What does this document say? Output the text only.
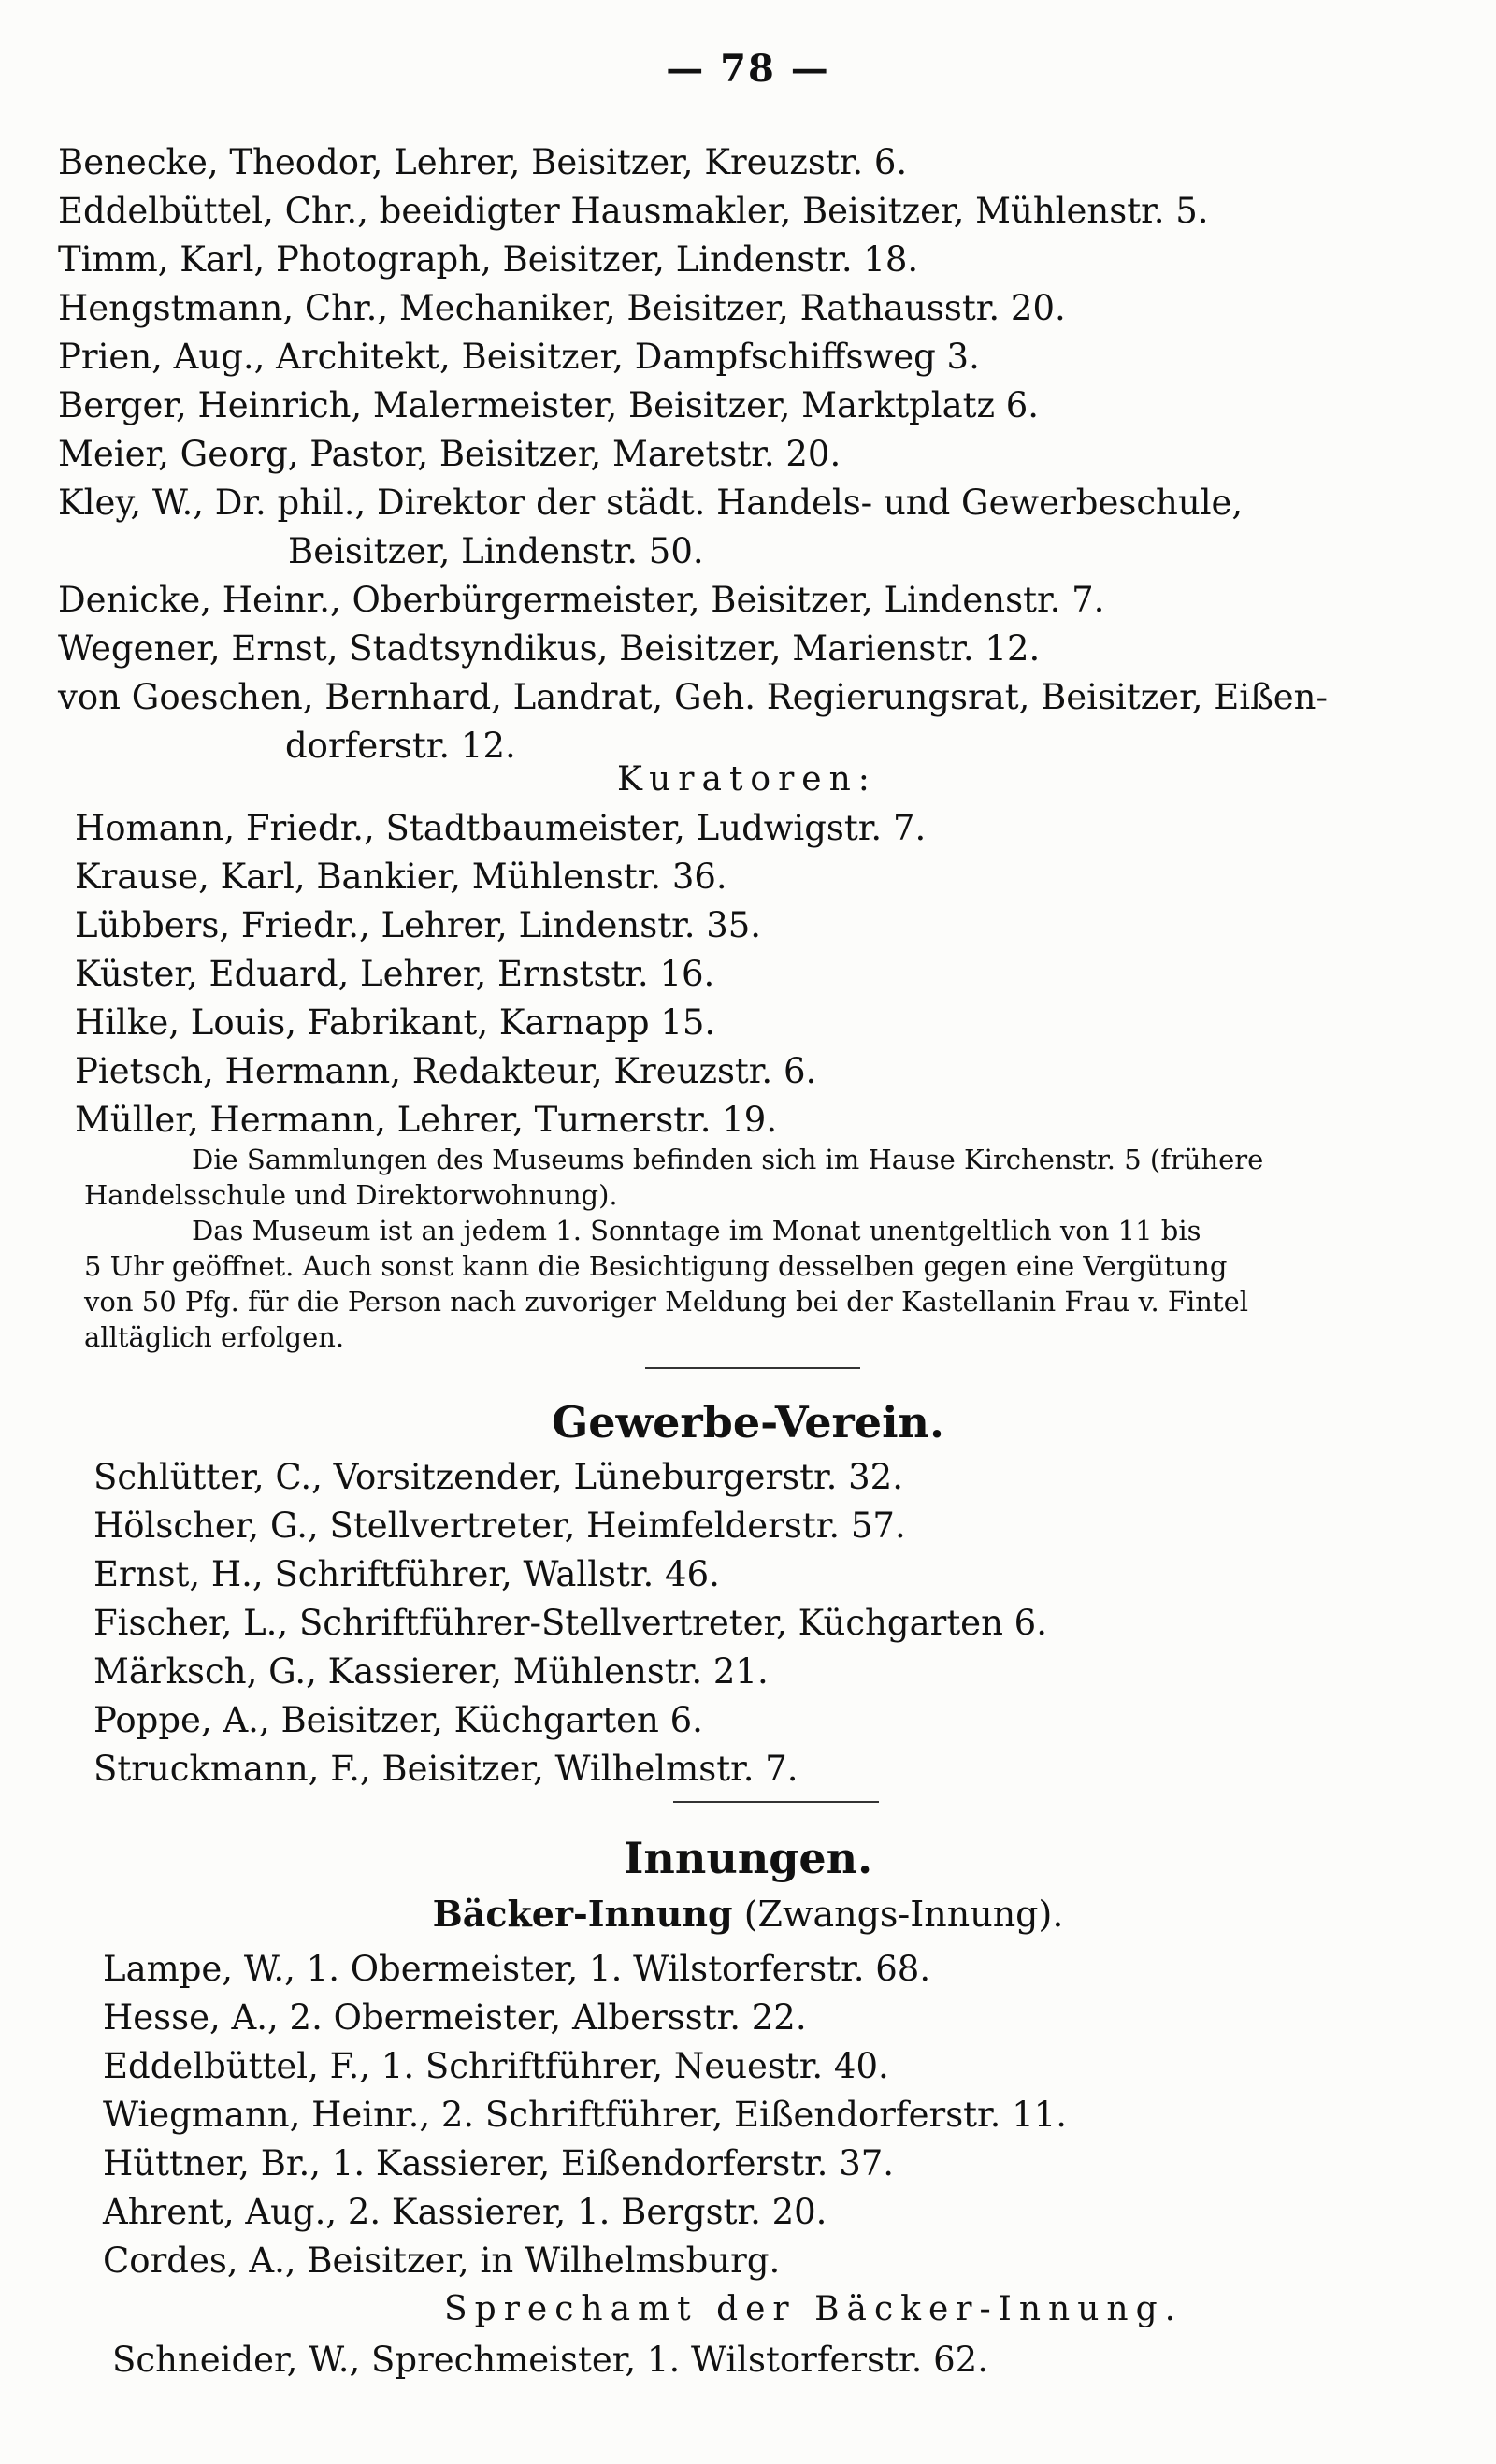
— 78 —
Benecke, Theodor, Lehrer, Beisitzer, Kreuzstr. 6.
Eddelbüttel, Chr., beeidigter Hausmakler, Beisitzer, Mühlenstr. 5.
Timm, Karl, Photograph, Beisitzer, Lindenstr. 18.
Hengstmann, Chr., Mechaniker, Beisitzer, Rathausstr. 20.
Prien, Aug., Architekt, Beisitzer, Dampfschiffsweg 3.
Berger, Heinrich, Malermeister, Beisitzer, Marktplatz 6.
Meier, Georg, Pastor, Beisitzer, Maretstr. 20.
Kley, W., Dr. phil., Direktor der städt. Handels- und Gewerbeschule,
Beisitzer, Lindenstr. 50.
Denicke, Heinr., Oberbürgermeister, Beisitzer, Lindenstr. 7.
Wegener, Ernst, Stadtsyndikus, Beisitzer, Marienstr. 12.
von Goeschen, Bernhard, Landrat, Geh. Regierungsrat, Beisitzer, Eißen-
dorferstr. 12.
Kuratoren:
Homann, Friedr., Stadtbaumeister, Ludwigstr. 7.
Krause, Karl, Bankier, Mühlenstr. 36.
Lübbers, Friedr., Lehrer, Lindenstr. 35.
Küster, Eduard, Lehrer, Ernststr. 16.
Hilke, Louis, Fabrikant, Karnapp 15.
Pietsch, Hermann, Redakteur, Kreuzstr. 6.
Müller, Hermann, Lehrer, Turnerstr. 19.
Die Sammlungen des Museums befinden sich im Hause Kirchenstr. 5 (frühere
Handelsschule und Direktorwohnung).
Das Museum ist an jedem 1. Sonntage im Monat unentgeltlich von 11 bis
5 Uhr geöffnet. Auch sonst kann die Besichtigung desselben gegen eine Vergütung
von 50 Pfg. für die Person nach zuvoriger Meldung bei der Kastellanin Frau v. Fintel
alltäglich erfolgen.
Gewerbe-Verein.
Schlütter, C., Vorsitzender, Lüneburgerstr. 32.
Hölscher, G., Stellvertreter, Heimfelderstr. 57.
Ernst, H., Schriftführer, Wallstr. 46.
Fischer, L., Schriftführer-Stellvertreter, Küchgarten 6.
Märksch, G., Kassierer, Mühlenstr. 21.
Poppe, A., Beisitzer, Küchgarten 6.
Struckmann, F., Beisitzer, Wilhelmstr. 7.
Innungen.
Bäcker-Innung (Zwangs-Innung).
Lampe, W., 1. Obermeister, 1. Wilstorferstr. 68.
Hesse, A., 2. Obermeister, Albersstr. 22.
Eddelbüttel, F., 1. Schriftführer, Neuestr. 40.
Wiegmann, Heinr., 2. Schriftführer, Eißendorferstr. 11.
Hüttner, Br., 1. Kassierer, Eißendorferstr. 37.
Ahrent, Aug., 2. Kassierer, 1. Bergstr. 20.
Cordes, A., Beisitzer, in Wilhelmsburg.
Sprechamt der Bäcker-Innung.
Schneider, W., Sprechmeister, 1. Wilstorferstr. 62.
